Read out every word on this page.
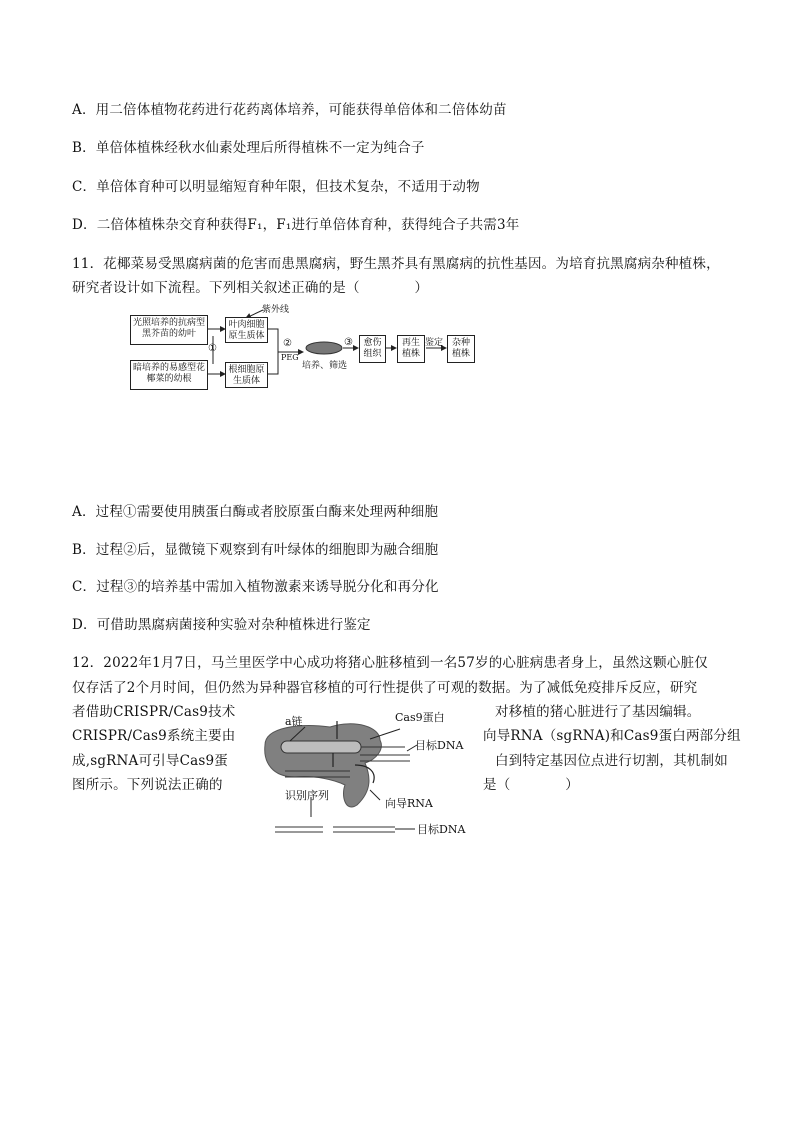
A．用二倍体植物花药进行花药离体培养，可能获得单倍体和二倍体幼苗
B．单倍体植株经秋水仙素处理后所得植株不一定为纯合子
C．单倍体育种可以明显缩短育种年限，但技术复杂，不适用于动物
D．二倍体植株杂交育种获得F₁，F₁进行单倍体育种，获得纯合子共需3年
11．花椰菜易受黑腐病菌的危害而患黑腐病，野生黑芥具有黑腐病的抗性基因。为培育抗黑腐病杂种植株，
研究者设计如下流程。下列相关叙述正确的是（　　　　）
光照培养的抗病型黑芥苗的幼叶
暗培养的易感型花椰菜的幼根
叶肉细胞原生质体
根细胞原生质体
紫外线
①	②
PEG
③
培养、筛选
愈伤组织
再生植株
鉴定 杂种植株
A．过程①需要使用胰蛋白酶或者胶原蛋白酶来处理两种细胞
B．过程②后，显微镜下观察到有叶绿体的细胞即为融合细胞
C．过程③的培养基中需加入植物激素来诱导脱分化和再分化
D．可借助黑腐病菌接种实验对杂种植株进行鉴定
12．2022年1月7日，马兰里医学中心成功将猪心脏移植到一名57岁的心脏病患者身上，虽然这颗心脏仅
仅存活了2个月时间，但仍然为异种器官移植的可行性提供了可观的数据。为了减低免疫排斥反应，研究
者借助CRISPR/Cas9技术	对移植的猪心脏进行了基因编辑。
CRISPR/Cas9系统主要由	向导RNA（sgRNA)和Cas9蛋白两部分组
成,sgRNA可引导Cas9蛋	白到特定基因位点进行切割，其机制如
图所示。下列说法正确的	是（　　　　）
a链	Cas9蛋白
目标DNA
识别序列
向导RNA
目标DNA
